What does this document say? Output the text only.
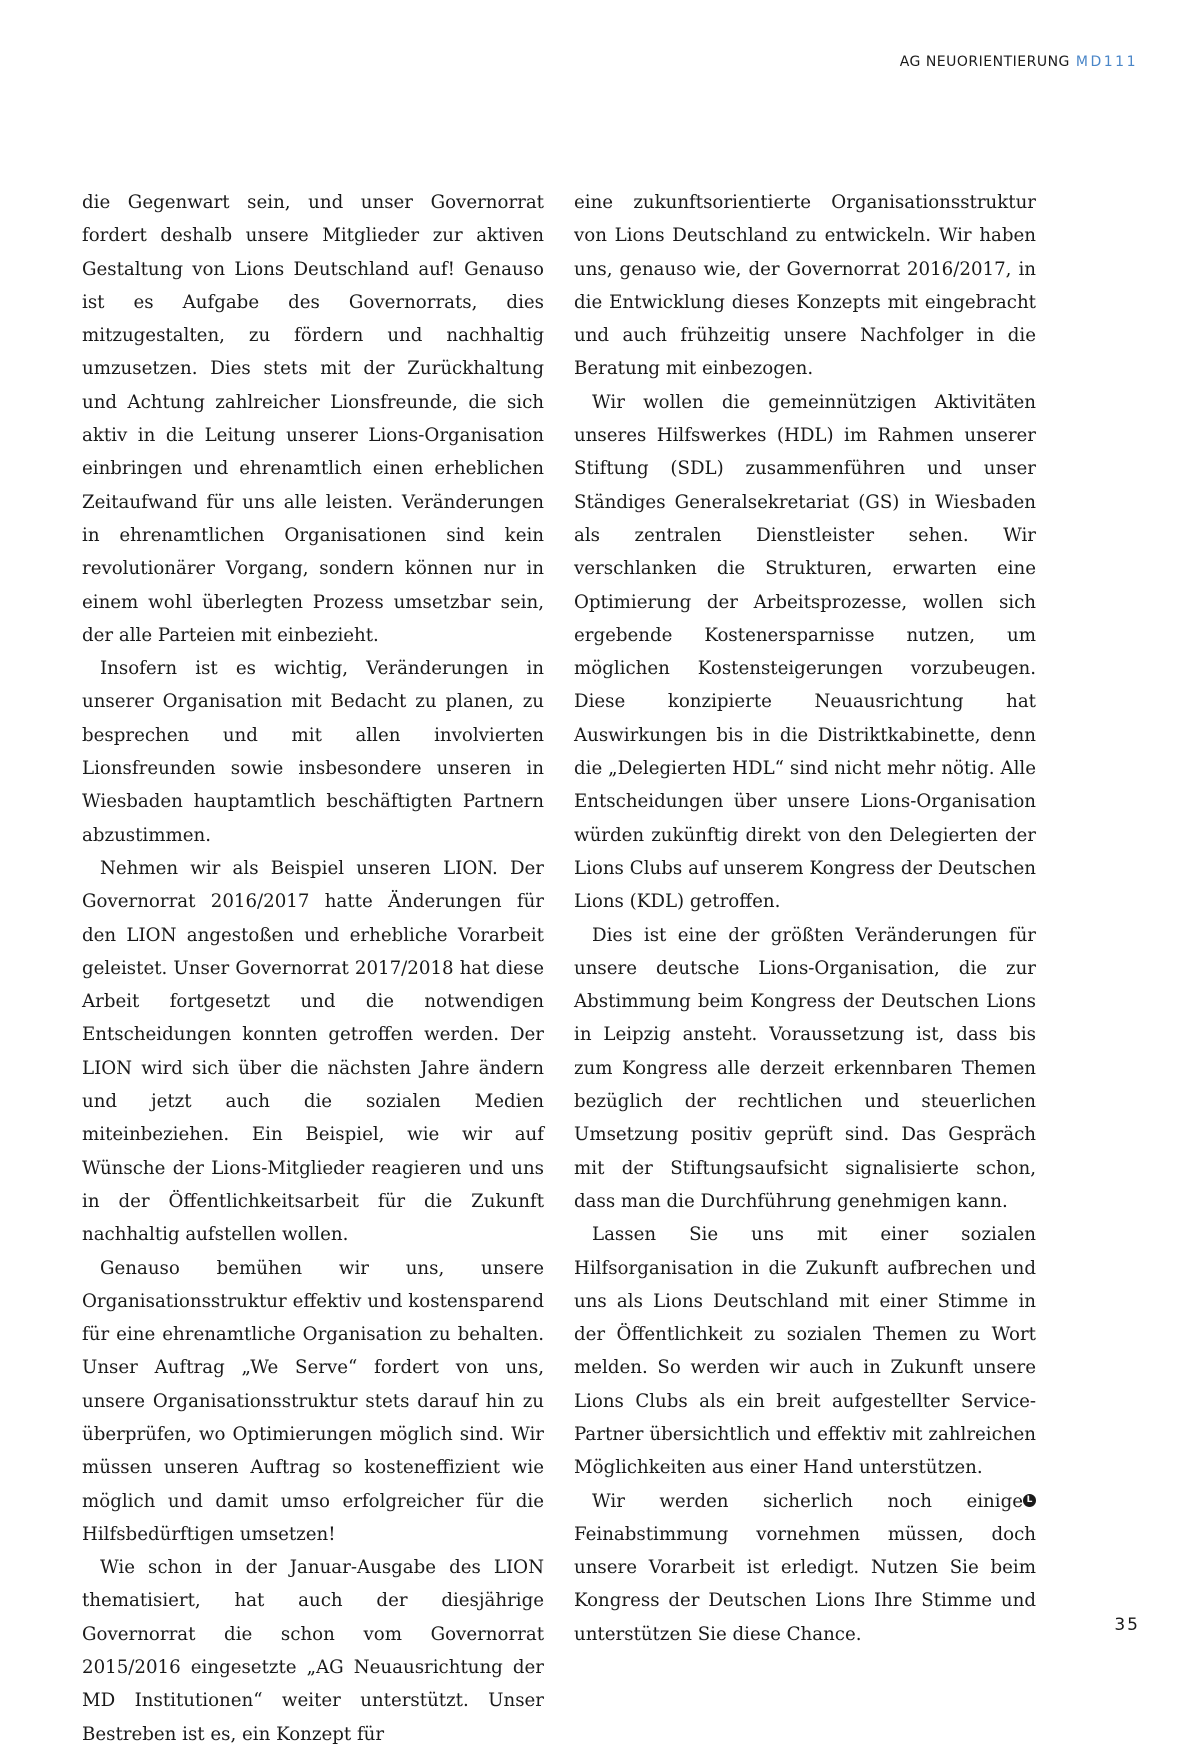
AG NEUORIENTIERUNG MD111

die Gegenwart sein, und unser Governorrat fordert deshalb unsere Mitglieder zur aktiven Gestaltung von Lions Deutschland auf! Genauso ist es Aufgabe des Governorrats, dies mitzugestalten, zu fördern und nachhaltig umzusetzen. Dies stets mit der Zurückhaltung und Achtung zahlreicher Lionsfreunde, die sich aktiv in die Leitung unserer Lions-Organisation einbringen und ehrenamtlich einen erheblichen Zeitaufwand für uns alle leisten. Veränderungen in ehrenamtlichen Organisationen sind kein revolutionärer Vorgang, sondern können nur in einem wohl überlegten Prozess umsetzbar sein, der alle Parteien mit einbezieht.

Insofern ist es wichtig, Veränderungen in unserer Organisation mit Bedacht zu planen, zu besprechen und mit allen involvierten Lionsfreunden sowie insbesondere unseren in Wiesbaden hauptamtlich beschäftigten Partnern abzustimmen.

Nehmen wir als Beispiel unseren LION. Der Governorrat 2016/2017 hatte Änderungen für den LION angestoßen und erhebliche Vorarbeit geleistet. Unser Governorrat 2017/2018 hat diese Arbeit fortgesetzt und die notwendigen Entscheidungen konnten getroffen werden. Der LION wird sich über die nächsten Jahre ändern und jetzt auch die sozialen Medien miteinbeziehen. Ein Beispiel, wie wir auf Wünsche der Lions-Mitglieder reagieren und uns in der Öffentlichkeitsarbeit für die Zukunft nachhaltig aufstellen wollen.

Genauso bemühen wir uns, unsere Organisationsstruktur effektiv und kostensparend für eine ehrenamtliche Organisation zu behalten. Unser Auftrag „We Serve“ fordert von uns, unsere Organisationsstruktur stets darauf hin zu überprüfen, wo Optimierungen möglich sind. Wir müssen unseren Auftrag so kosteneffizient wie möglich und damit umso erfolgreicher für die Hilfsbedürftigen umsetzen!

Wie schon in der Januar-Ausgabe des LION thematisiert, hat auch der diesjährige Governorrat die schon vom Governorrat 2015/2016 eingesetzte „AG Neuausrichtung der MD Institutionen“ weiter unterstützt. Unser Bestreben ist es, ein Konzept für

eine zukunftsorientierte Organisationsstruktur von Lions Deutschland zu entwickeln. Wir haben uns, genauso wie, der Governorrat 2016/2017, in die Entwicklung dieses Konzepts mit eingebracht und auch frühzeitig unsere Nachfolger in die Beratung mit einbezogen.

Wir wollen die gemeinnützigen Aktivitäten unseres Hilfswerkes (HDL) im Rahmen unserer Stiftung (SDL) zusammenführen und unser Ständiges Generalsekretariat (GS) in Wiesbaden als zentralen Dienstleister sehen. Wir verschlanken die Strukturen, erwarten eine Optimierung der Arbeitsprozesse, wollen sich ergebende Kostenersparnisse nutzen, um möglichen Kostensteigerungen vorzubeugen. Diese konzipierte Neuausrichtung hat Auswirkungen bis in die Distriktkabinette, denn die „Delegierten HDL“ sind nicht mehr nötig. Alle Entscheidungen über unsere Lions-Organisation würden zukünftig direkt von den Delegierten der Lions Clubs auf unserem Kongress der Deutschen Lions (KDL) getroffen.

Dies ist eine der größten Veränderungen für unsere deutsche Lions-Organisation, die zur Abstimmung beim Kongress der Deutschen Lions in Leipzig ansteht. Voraussetzung ist, dass bis zum Kongress alle derzeit erkennbaren Themen bezüglich der rechtlichen und steuerlichen Umsetzung positiv geprüft sind. Das Gespräch mit der Stiftungsaufsicht signalisierte schon, dass man die Durchführung genehmigen kann.

Lassen Sie uns mit einer sozialen Hilfsorganisation in die Zukunft aufbrechen und uns als Lions Deutschland mit einer Stimme in der Öffentlichkeit zu sozialen Themen zu Wort melden. So werden wir auch in Zukunft unsere Lions Clubs als ein breit aufgestellter Service-Partner übersichtlich und effektiv mit zahlreichen Möglichkeiten aus einer Hand unterstützen.

L
Wir werden sicherlich noch einige Feinabstimmung vornehmen müssen, doch unsere Vorarbeit ist erledigt. Nutzen Sie beim Kongress der Deutschen Lions Ihre Stimme und unterstützen Sie diese Chance.	35
